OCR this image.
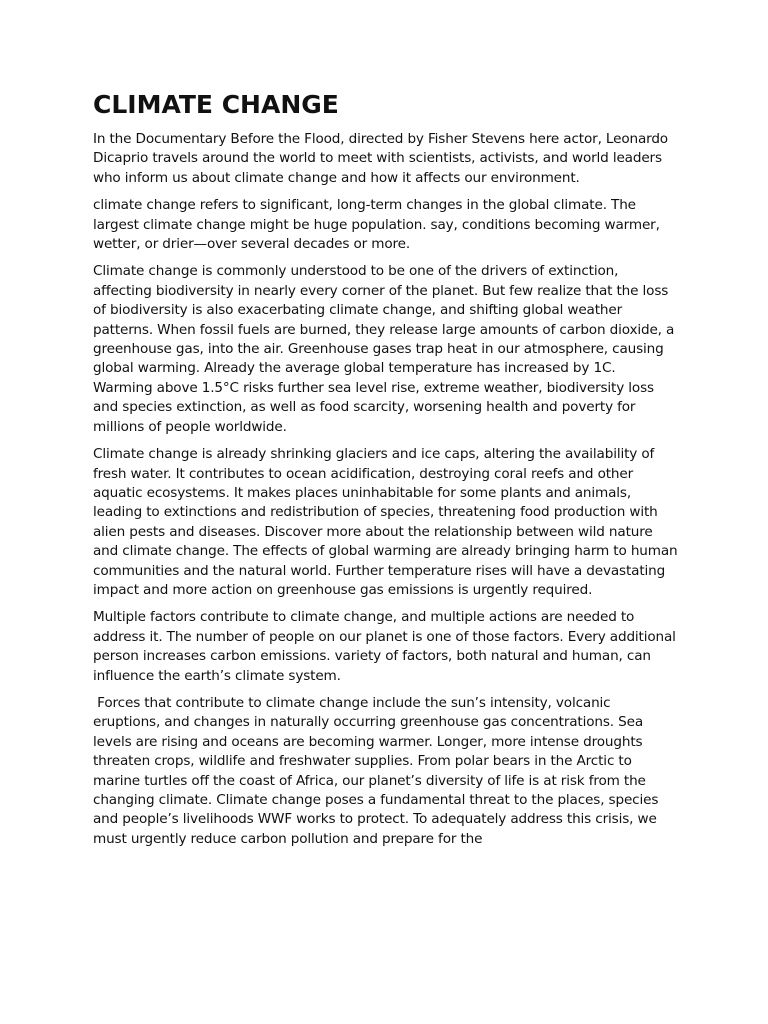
CLIMATE CHANGE

In the Documentary Before the Flood, directed by Fisher Stevens here actor, Leonardo Dicaprio travels around the world to meet with scientists, activists, and world leaders who inform us about climate change and how it affects our environment.

climate change refers to significant, long-term changes in the global climate. The largest climate change might be huge population. say, conditions becoming warmer, wetter, or drier—over several decades or more.

Climate change is commonly understood to be one of the drivers of extinction, affecting biodiversity in nearly every corner of the planet. But few realize that the loss of biodiversity is also exacerbating climate change, and shifting global weather patterns. When fossil fuels are burned, they release large amounts of carbon dioxide, a greenhouse gas, into the air. Greenhouse gases trap heat in our atmosphere, causing global warming. Already the average global temperature has increased by 1C. Warming above 1.5°C risks further sea level rise, extreme weather, biodiversity loss and species extinction, as well as food scarcity, worsening health and poverty for millions of people worldwide.

Climate change is already shrinking glaciers and ice caps, altering the availability of fresh water. It contributes to ocean acidification, destroying coral reefs and other aquatic ecosystems. It makes places uninhabitable for some plants and animals, leading to extinctions and redistribution of species, threatening food production with alien pests and diseases. Discover more about the relationship between wild nature and climate change. The effects of global warming are already bringing harm to human communities and the natural world. Further temperature rises will have a devastating impact and more action on greenhouse gas emissions is urgently required.

Multiple factors contribute to climate change, and multiple actions are needed to address it. The number of people on our planet is one of those factors. Every additional person increases carbon emissions. variety of factors, both natural and human, can influence the earth’s climate system.

Forces that contribute to climate change include the sun’s intensity, volcanic eruptions, and changes in naturally occurring greenhouse gas concentrations. Sea levels are rising and oceans are becoming warmer. Longer, more intense droughts threaten crops, wildlife and freshwater supplies. From polar bears in the Arctic to marine turtles off the coast of Africa, our planet’s diversity of life is at risk from the changing climate. Climate change poses a fundamental threat to the places, species and people’s livelihoods WWF works to protect. To adequately address this crisis, we must urgently reduce carbon pollution and prepare for the
